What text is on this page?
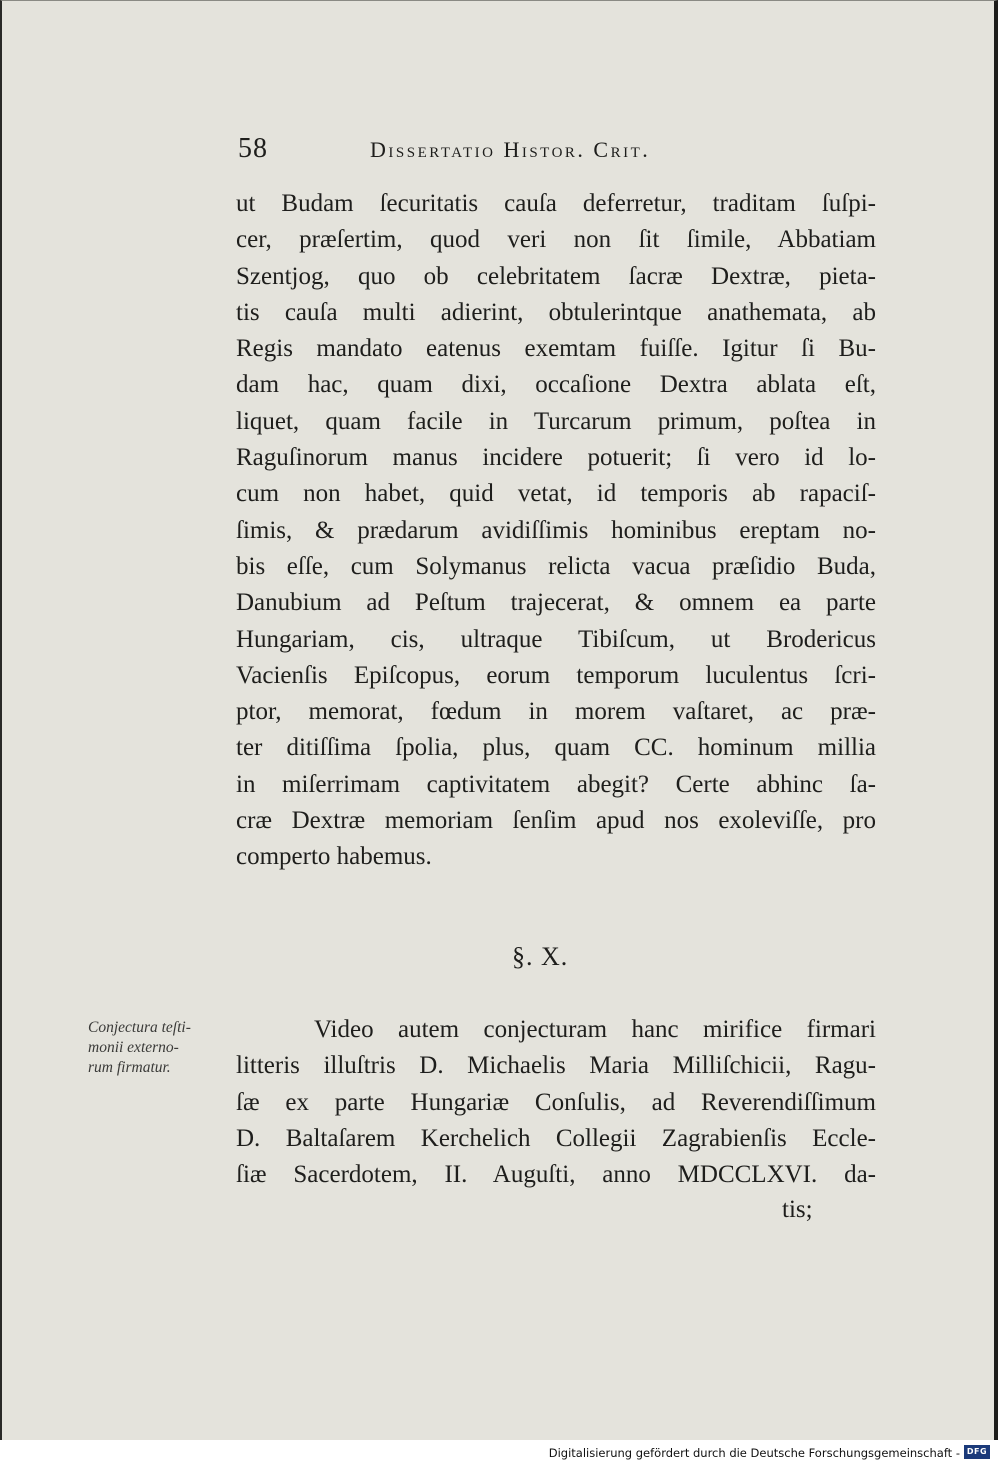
58	Dissertatio Histor. Crit.
ut Budam ſecuritatis cauſa deferretur, traditam ſuſpi-
cer, præſertim, quod veri non ſit ſimile, Abbatiam
Szentjog, quo ob celebritatem ſacræ Dextræ, pieta-
tis cauſa multi adierint, obtulerintque anathemata, ab
Regis mandato eatenus exemtam fuiſſe. Igitur ſi Bu-
dam hac, quam dixi, occaſione Dextra ablata eſt,
liquet, quam facile in Turcarum primum, poſtea in
Raguſinorum manus incidere potuerit; ſi vero id lo-
cum non habet, quid vetat, id temporis ab rapaciſ-
ſimis, & prædarum avidiſſimis hominibus ereptam no-
bis eſſe, cum Solymanus relicta vacua præſidio Buda,
Danubium ad Peſtum trajecerat, & omnem ea parte
Hungariam, cis, ultraque Tibiſcum, ut Brodericus
Vacienſis Epiſcopus, eorum temporum luculentus ſcri-
ptor, memorat, fœdum in morem vaſtaret, ac præ-
ter ditiſſima ſpolia, plus, quam CC. hominum millia
in miſerrimam captivitatem abegit? Certe abhinc ſa-
cræ Dextræ memoriam ſenſim apud nos exoleviſſe, pro
comperto habemus.
§. X.
Conjectura teſti-
monii externo-
rum firmatur.
Video autem conjecturam hanc mirifice firmari
litteris illuſtris D. Michaelis Maria Milliſchicii, Ragu-
ſæ ex parte Hungariæ Conſulis, ad Reverendiſſimum
D. Baltaſarem Kerchelich Collegii Zagrabienſis Eccle-
ſiæ Sacerdotem, II. Auguſti, anno MDCCLXVI. da-
tis;
Digitalisierung gefördert durch die Deutsche Forschungsgemeinschaft - DFG
